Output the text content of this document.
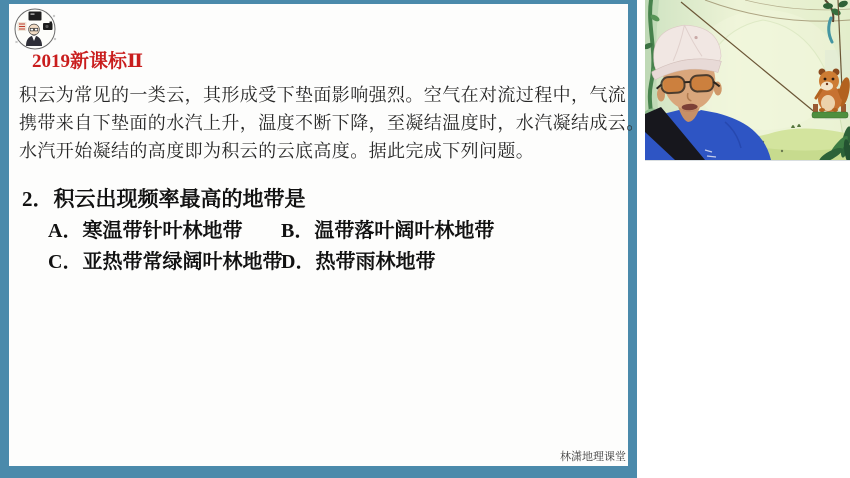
2019新课标Ⅱ
积云为常见的一类云，其形成受下垫面影响强烈。空气在对流过程中，气流
携带来自下垫面的水汽上升，温度不断下降，至凝结温度时，水汽凝结成云。
水汽开始凝结的高度即为积云的云底高度。据此完成下列问题。
2．积云出现频率最高的地带是
A．寒温带针叶林地带 B．温带落叶阔叶林地带
C．亚热带常绿阔叶林地带
D．热带雨林地带
林潇地理课堂
